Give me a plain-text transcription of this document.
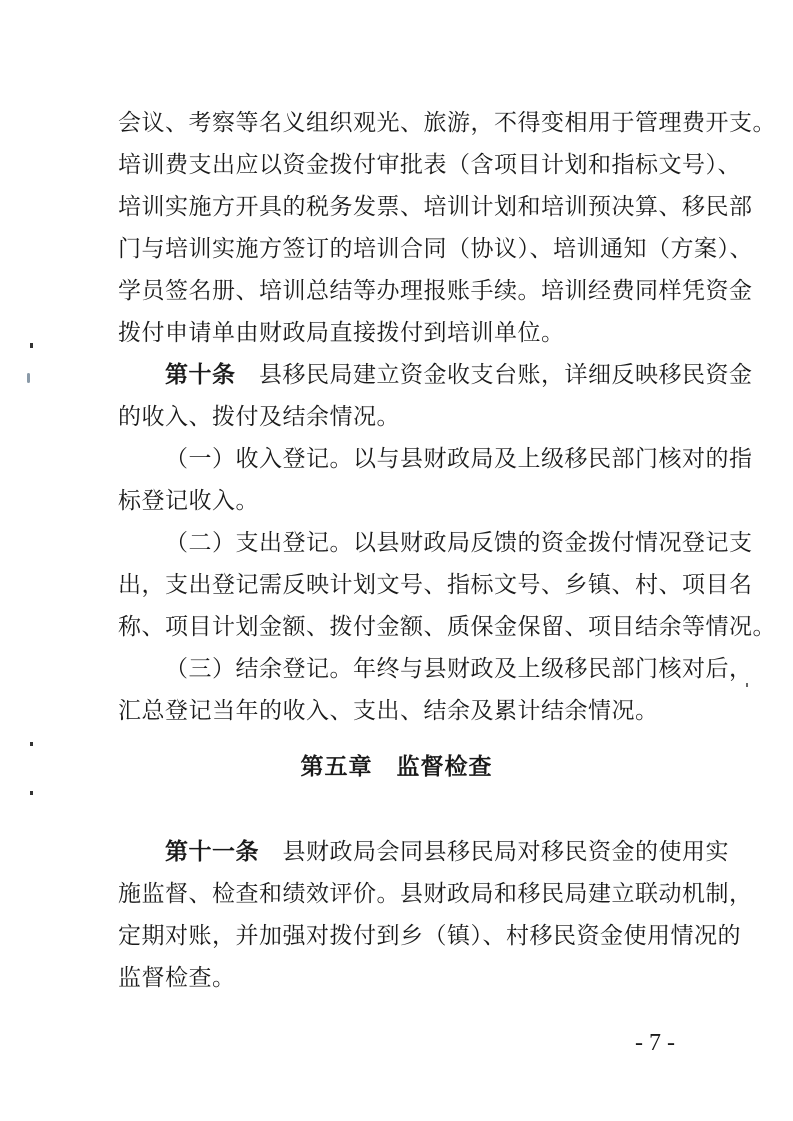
会议、考察等名义组织观光、旅游，不得变相用于管理费开支。
培训费支出应以资金拨付审批表（含项目计划和指标文号）、
培训实施方开具的税务发票、培训计划和培训预决算、移民部
门与培训实施方签订的培训合同（协议）、培训通知（方案）、
学员签名册、培训总结等办理报账手续。培训经费同样凭资金
拨付申请单由财政局直接拨付到培训单位。
第十条　县移民局建立资金收支台账，详细反映移民资金
的收入、拨付及结余情况。
（一）收入登记。以与县财政局及上级移民部门核对的指
标登记收入。
（二）支出登记。以县财政局反馈的资金拨付情况登记支
出，支出登记需反映计划文号、指标文号、乡镇、村、项目名
称、项目计划金额、拨付金额、质保金保留、项目结余等情况。
（三）结余登记。年终与县财政及上级移民部门核对后，
汇总登记当年的收入、支出、结余及累计结余情况。
第五章　监督检查
第十一条　县财政局会同县移民局对移民资金的使用实
施监督、检查和绩效评价。县财政局和移民局建立联动机制，
定期对账，并加强对拨付到乡（镇）、村移民资金使用情况的
监督检查。
- 7 -
